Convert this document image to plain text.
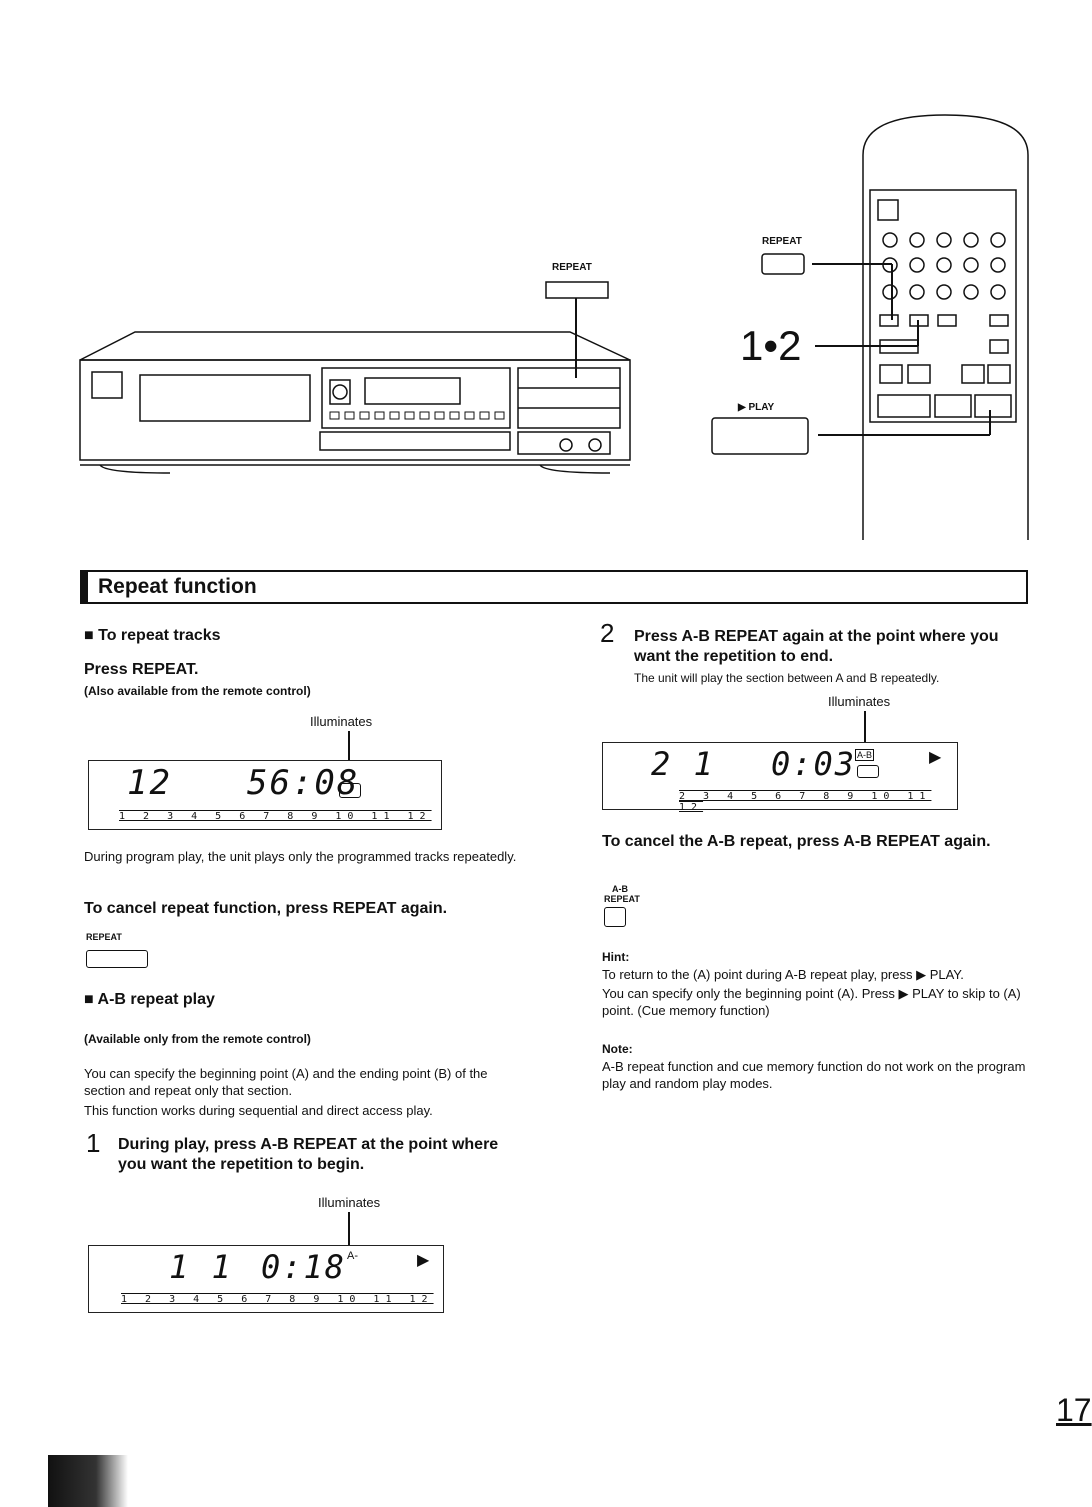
REPEAT
REPEAT
▶ PLAY
1•2
Repeat function
■ To repeat tracks
Press REPEAT.
(Also available from the remote control)
Illuminates
12 56:08
1 2 3 4 5 6 7 8 9 10 11 12
During program play, the unit plays only the programmed tracks repeatedly.
To cancel repeat function, press REPEAT again.
REPEAT
■ A-B repeat play
(Available only from the remote control)
You can specify the beginning point (A) and the ending point (B) of the section and repeat only that section.
This function works during sequential and direct access play.
1 During play, press A-B REPEAT at the point where you want the repetition to begin.
Illuminates
1 1 0:18 A-	▶
1 2 3 4 5 6 7 8 9 10 11 12
2 Press A-B REPEAT again at the point where you want the repetition to end.
The unit will play the section between A and B repeatedly.
Illuminates
2 1 0:03 A-B	▶
2 3 4 5 6 7 8 9 10 11 12
To cancel the A-B repeat, press A-B REPEAT again.
A-B
REPEAT
Hint:
To return to the (A) point during A-B repeat play, press ▶ PLAY.
You can specify only the beginning point (A). Press ▶ PLAY to skip to (A) point. (Cue memory function)
Note:
A-B repeat function and cue memory function do not work on the program play and random play modes.
17
